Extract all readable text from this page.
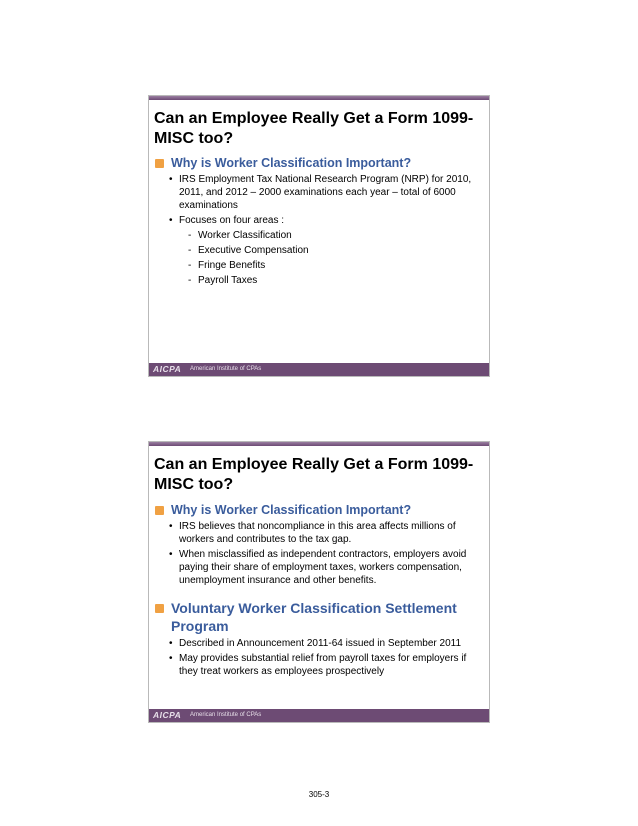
Can an Employee Really Get a Form 1099-
MISC too?
Why is Worker Classification Important?
• IRS Employment Tax National Research Program (NRP) for 2010, 2011, and 2012 – 2000 examinations each year – total of 6000 examinations
• Focuses on four areas :
- Worker Classification
- Executive Compensation
- Fringe Benefits
- Payroll Taxes
AICPA American Institute of CPAs
Can an Employee Really Get a Form 1099-
MISC too?
Why is Worker Classification Important?
• IRS believes that noncompliance in this area affects millions of workers and contributes to the tax gap.
• When misclassified as independent contractors, employers avoid paying their share of employment taxes, workers compensation, unemployment insurance and other benefits.
Voluntary Worker Classification Settlement Program
• Described in Announcement 2011-64 issued in September 2011
• May provides substantial relief from payroll taxes for employers if they treat workers as employees prospectively
AICPA American Institute of CPAs
305-3
